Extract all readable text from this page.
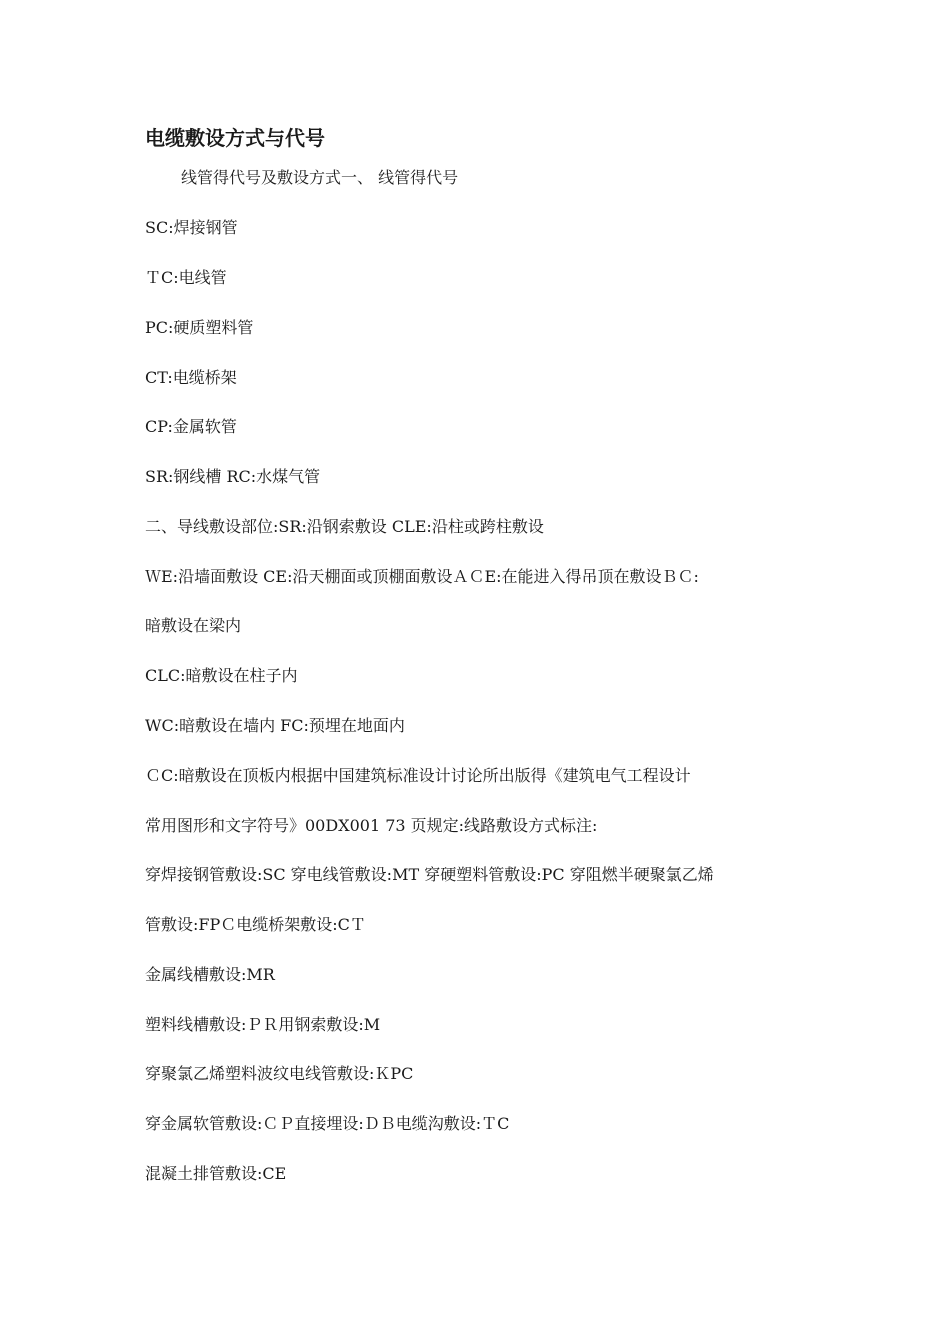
电缆敷设方式与代号

线管得代号及敷设方式一、 线管得代号

SC:焊接钢管

ＴC:电线管

PC:硬质塑料管

CT:电缆桥架

CP:金属软管

SR:钢线槽 RC:水煤气管

二、导线敷设部位:SR:沿钢索敷设 CLE:沿柱或跨柱敷设

ＷE:沿墙面敷设 CE:沿天棚面或顶棚面敷设ＡＣE:在能进入得吊顶在敷设ＢＣ:

暗敷设在梁内

CLC:暗敷设在柱子内

WC:暗敷设在墙内 FC:预埋在地面内

ＣC:暗敷设在顶板内根据中国建筑标准设计讨论所出版得《建筑电气工程设计

常用图形和文字符号》00DX001 73 页规定:线路敷设方式标注:

穿焊接钢管敷设:SC 穿电线管敷设:MT 穿硬塑料管敷设:PC 穿阻燃半硬聚氯乙烯

管敷设:FPＣ电缆桥架敷设:CＴ

金属线槽敷设:MR

塑料线槽敷设:ＰＲ用钢索敷设:M

穿聚氯乙烯塑料波纹电线管敷设:ＫPC

穿金属软管敷设:ＣＰ直接埋设:ＤＢ电缆沟敷设:ＴC

混凝土排管敷设:CE
